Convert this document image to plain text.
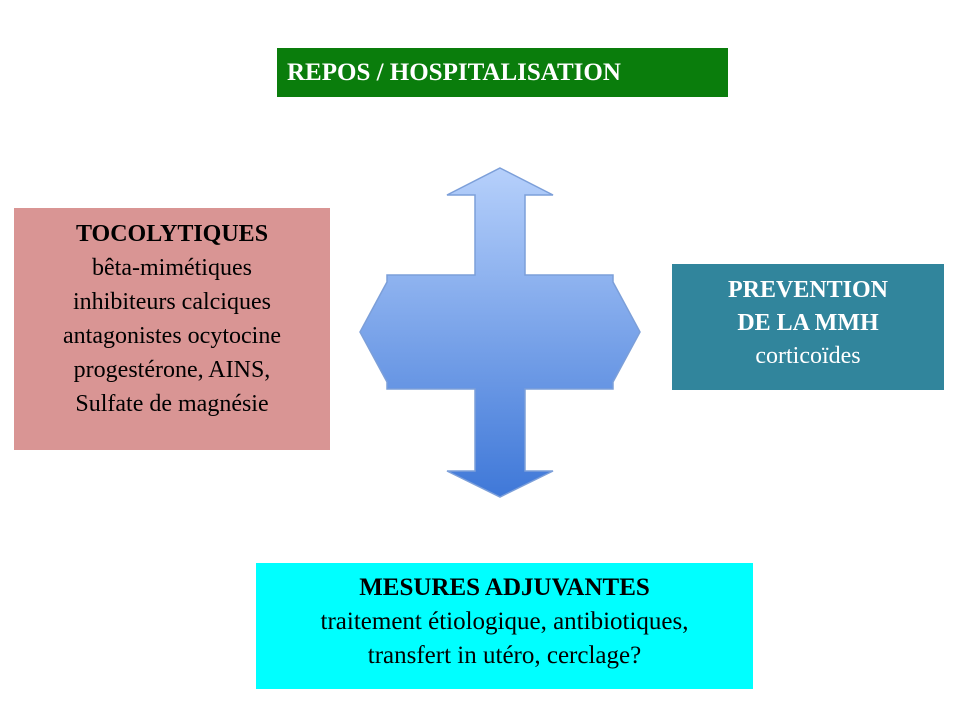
REPOS / HOSPITALISATION
TOCOLYTIQUES
bêta-mimétiques
inhibiteurs calciques
antagonistes ocytocine
progestérone, AINS,
Sulfate de magnésie
PREVENTION
DE LA MMH
corticoïdes
MESURES ADJUVANTES
traitement étiologique, antibiotiques,
transfert in utéro, cerclage?
